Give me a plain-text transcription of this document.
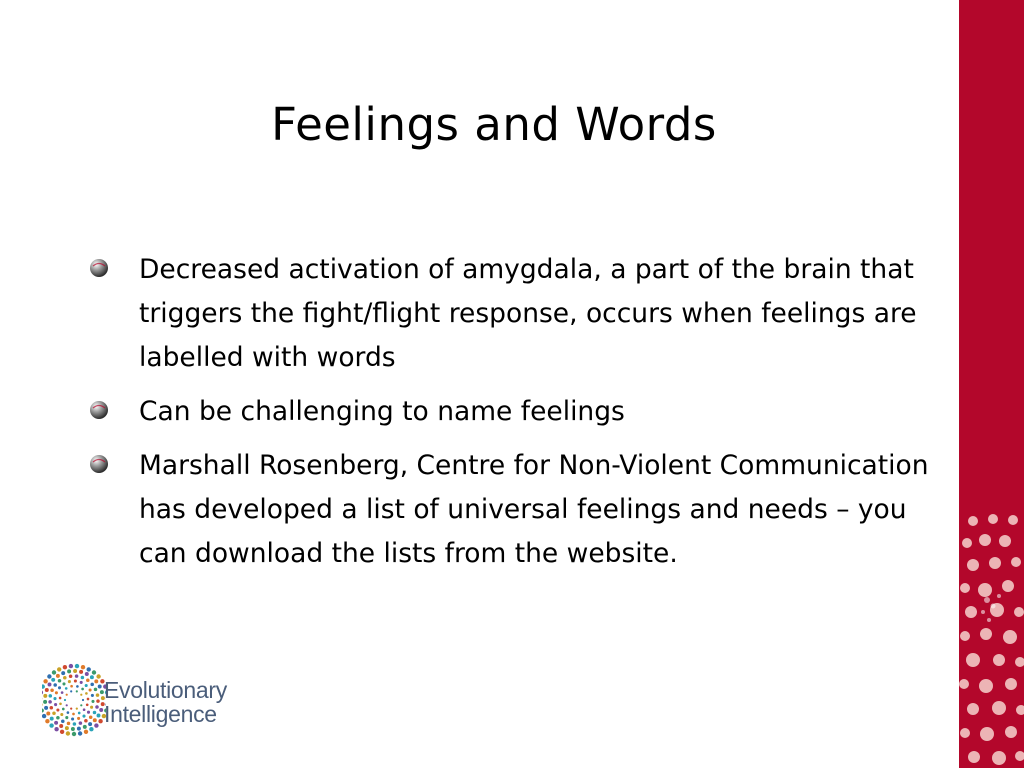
Feelings and Words
Decreased activation of amygdala, a part of the brain that triggers the fight/flight response, occurs when feelings are labelled with words
Can be challenging to name feelings
Marshall Rosenberg, Centre for Non-Violent Communication has developed a list of universal feelings and needs – you can download the lists from the website.
Evolutionary
Intelligence
